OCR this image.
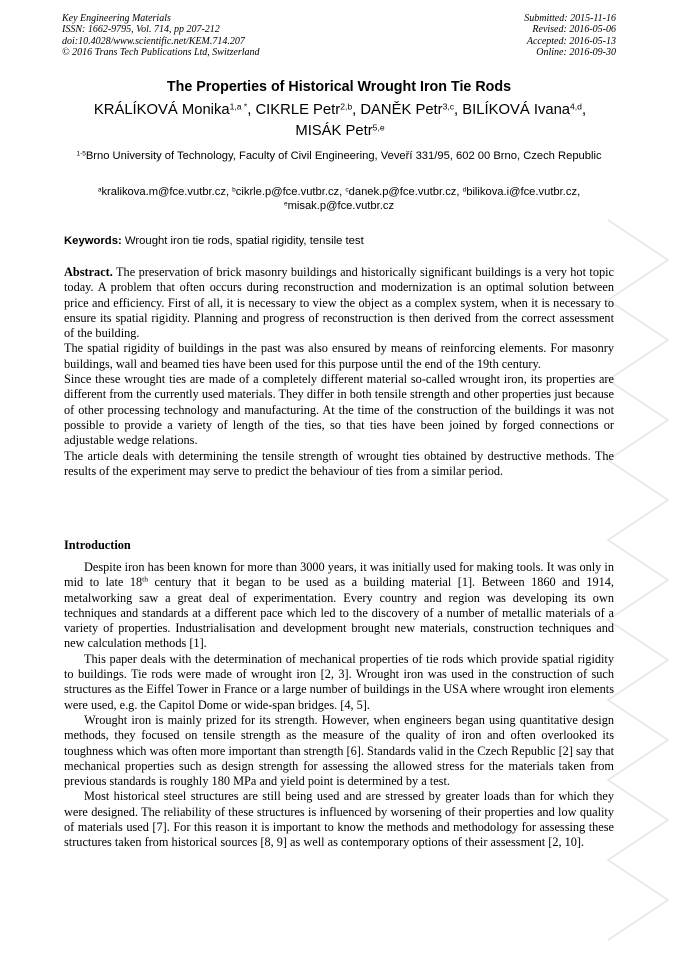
Key Engineering Materials
ISSN: 1662-9795, Vol. 714, pp 207-212
doi:10.4028/www.scientific.net/KEM.714.207
© 2016 Trans Tech Publications Ltd, Switzerland
Submitted: 2015-11-16
Revised: 2016-05-06
Accepted: 2016-05-13
Online: 2016-09-30
The Properties of Historical Wrought Iron Tie Rods
KRÁLÍKOVÁ Monika$^{1,a *}$, CIKRLE Petr$^{2,b}$, DANĚK Petr$^{3,c}$, BILÍKOVÁ Ivana$^{4,d}$, MISÁK Petr$^{5,e}$
$^{1-5}$Brno University of Technology, Faculty of Civil Engineering, Veveří 331/95, 602 00 Brno, Czech Republic
$^a$kralikova.m@fce.vutbr.cz, $^b$cikrle.p@fce.vutbr.cz, $^c$danek.p@fce.vutbr.cz, $^d$bilikova.i@fce.vutbr.cz, $^e$misak.p@fce.vutbr.cz
Keywords: Wrought iron tie rods, spatial rigidity, tensile test

Abstract. The preservation of brick masonry buildings and historically significant buildings is a very hot topic today. A problem that often occurs during reconstruction and modernization is an optimal solution between price and efficiency. First of all, it is necessary to view the object as a complex system, when it is necessary to ensure its spatial rigidity. Planning and progress of reconstruction is then derived from the correct assessment of the building.

The spatial rigidity of buildings in the past was also ensured by means of reinforcing elements. For masonry buildings, wall and beamed ties have been used for this purpose until the end of the 19th century.

Since these wrought ties are made of a completely different material so-called wrought iron, its properties are different from the currently used materials. They differ in both tensile strength and other properties just because of other processing technology and manufacturing. At the time of the construction of the buildings it was not possible to provide a variety of length of the ties, so that ties have been joined by forged connections or adjustable wedge relations.

The article deals with determining the tensile strength of wrought ties obtained by destructive methods. The results of the experiment may serve to predict the behaviour of ties from a similar period.

Introduction

Despite iron has been known for more than 3000 years, it was initially used for making tools. It was only in mid to late 18th century that it began to be used as a building material [1]. Between 1860 and 1914, metalworking saw a great deal of experimentation. Every country and region was developing its own techniques and standards at a different pace which led to the discovery of a number of metallic materials of a variety of properties. Industrialisation and development brought new materials, construction techniques and new calculation methods [1].

This paper deals with the determination of mechanical properties of tie rods which provide spatial rigidity to buildings. Tie rods were made of wrought iron [2, 3]. Wrought iron was used in the construction of such structures as the Eiffel Tower in France or a large number of buildings in the USA where wrought iron elements were used, e.g. the Capitol Dome or wide-span bridges. [4, 5].

Wrought iron is mainly prized for its strength. However, when engineers began using quantitative design methods, they focused on tensile strength as the measure of the quality of iron and often overlooked its toughness which was often more important than strength [6]. Standards valid in the Czech Republic [2] say that mechanical properties such as design strength for assessing the allowed stress for the materials taken from previous standards is roughly 180 MPa and yield point is determined by a test.

Most historical steel structures are still being used and are stressed by greater loads than for which they were designed. The reliability of these structures is influenced by worsening of their properties and low quality of materials used [7]. For this reason it is important to know the methods and methodology for assessing these structures taken from historical sources [8, 9] as well as contemporary options of their assessment [2, 10].
